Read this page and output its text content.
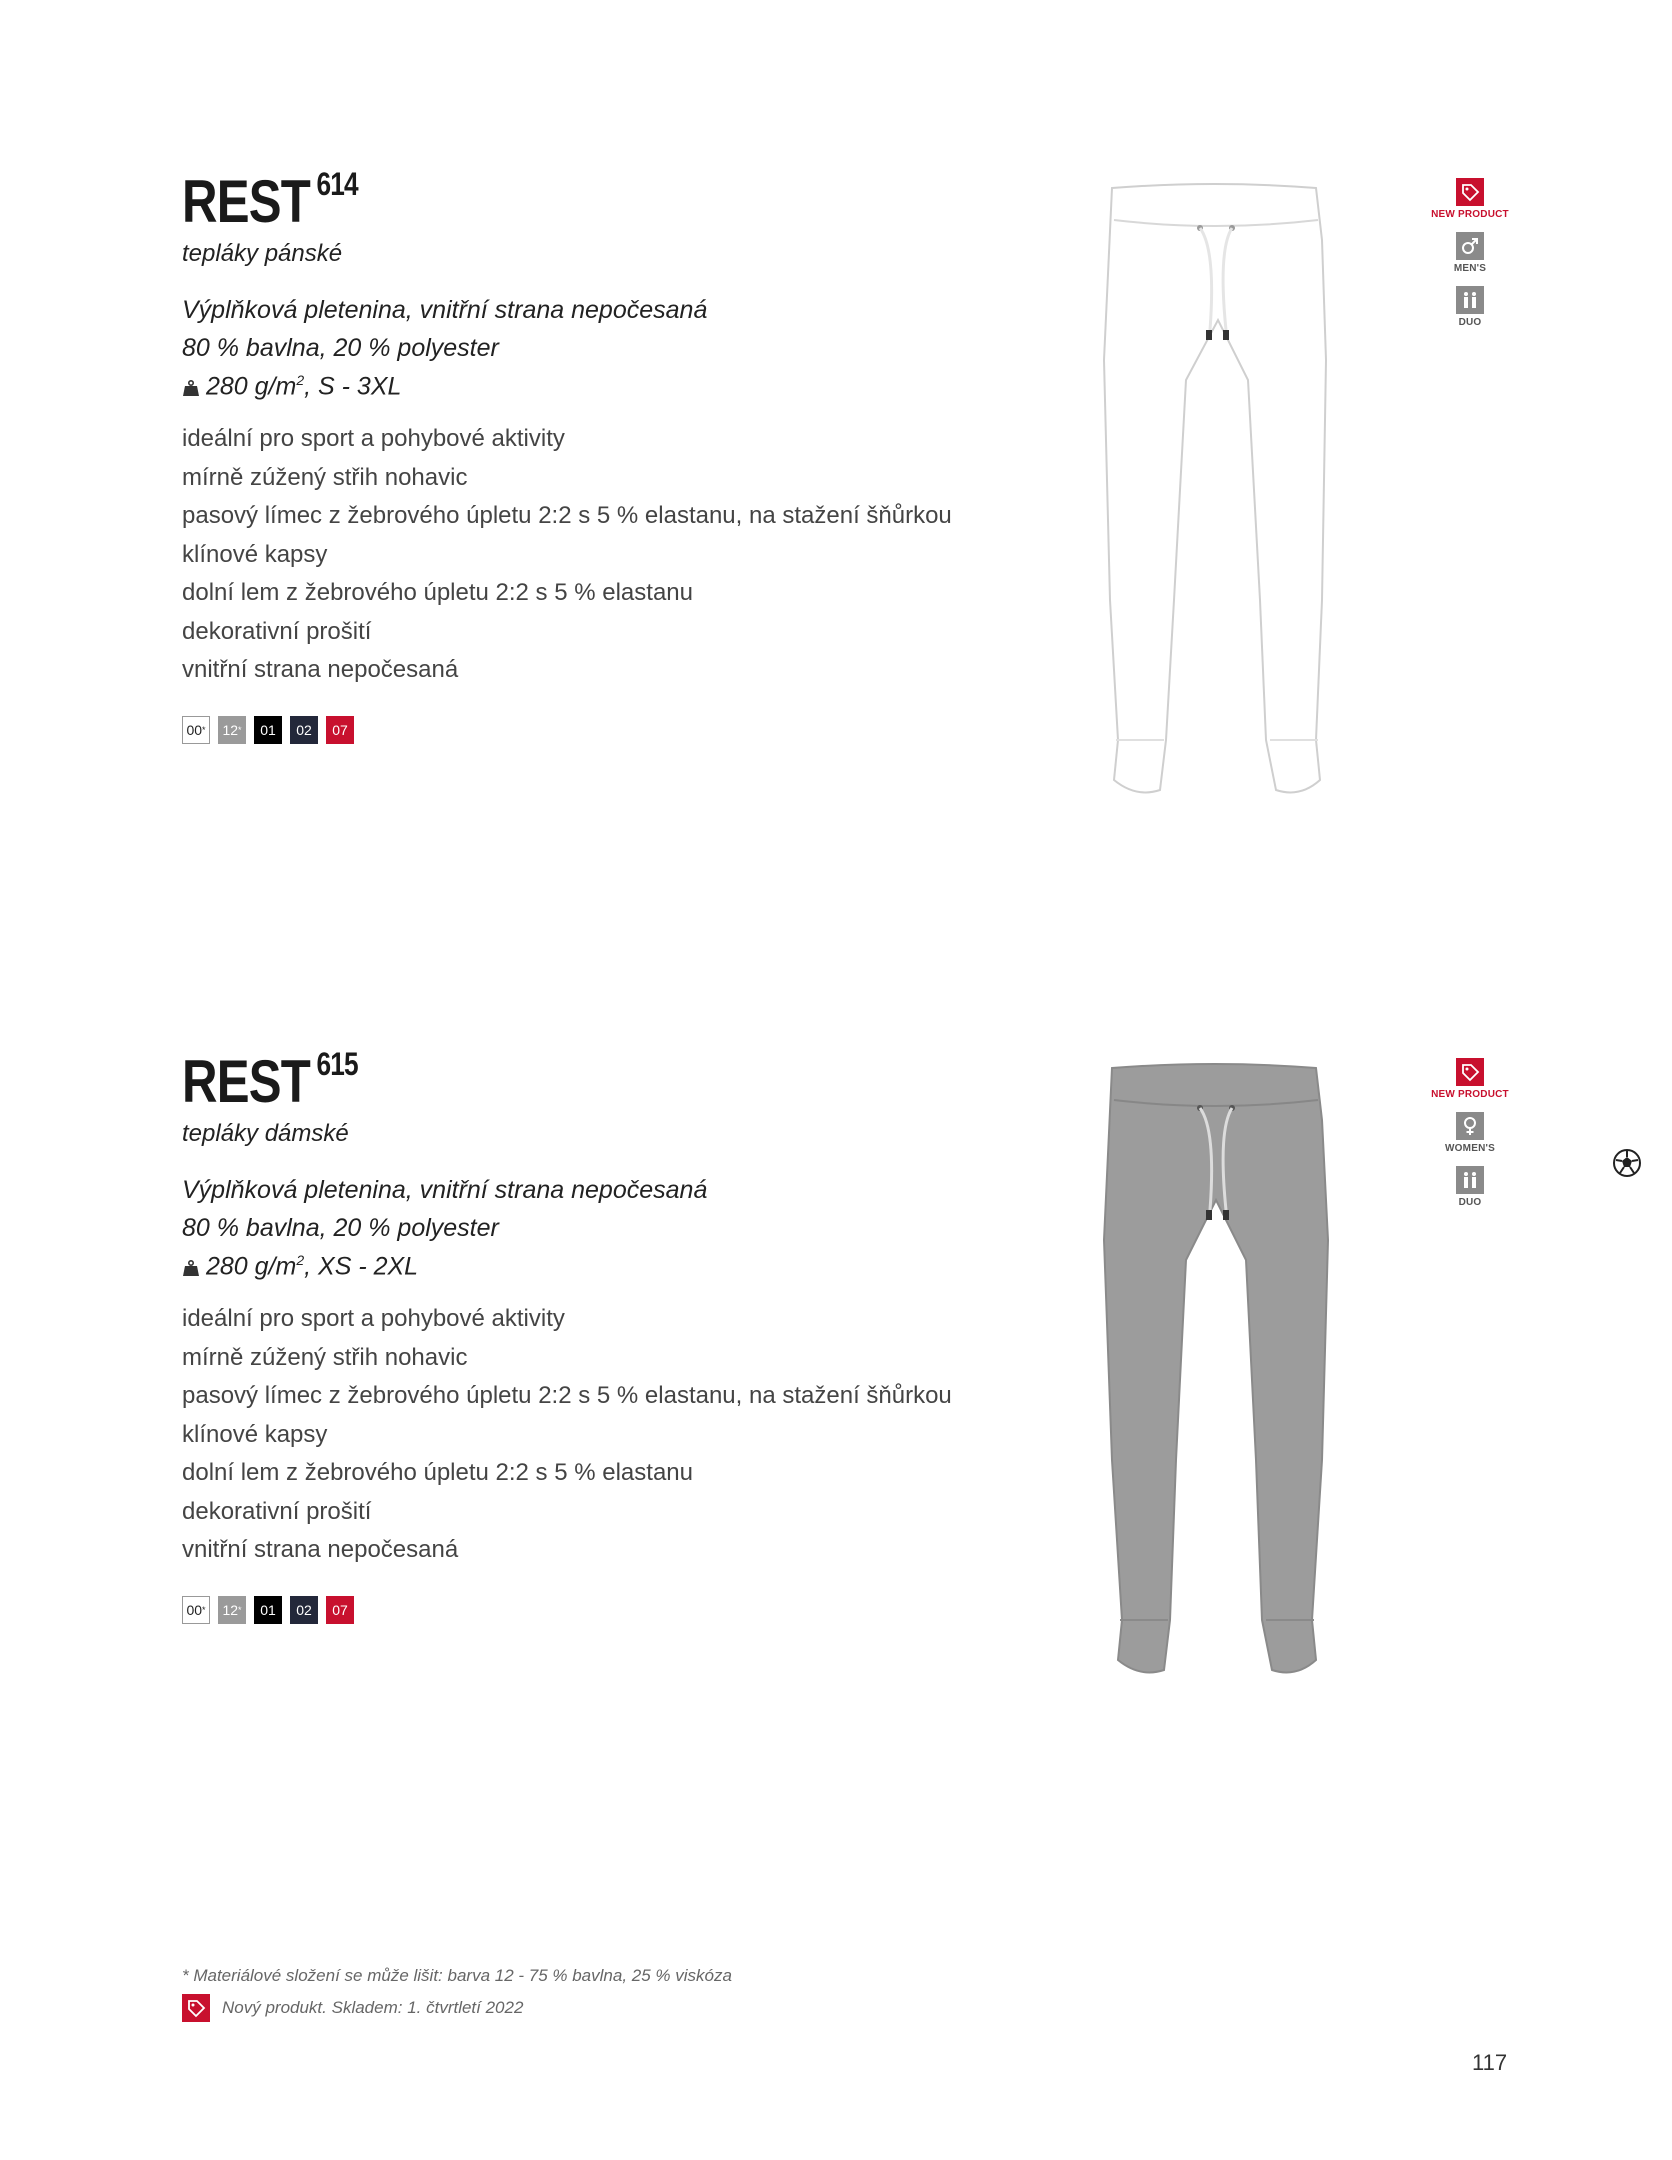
REST $^{614}$
tepláky pánské
Výplňková pletenina, vnitřní strana nepočesaná
80 % bavlna, 20 % polyester
280 $g/m^2$, S - 3XL
ideální pro sport a pohybové aktivity
mírně zúžený střih nohavic
pasový límec z žebrového úpletu 2:2 s 5 % elastanu, na stažení šňůrkou
klínové kapsy
dolní lem z žebrového úpletu 2:2 s 5 % elastanu
dekorativní prošití
vnitřní strana nepočesaná
00 * 12 * 01 02 07
NEW PRODUCT
MEN'S
DUO
REST $^{615}$
tepláky dámské
Výplňková pletenina, vnitřní strana nepočesaná
80 % bavlna, 20 % polyester
280 $g/m^2$, XS - 2XL
ideální pro sport a pohybové aktivity
mírně zúžený střih nohavic
pasový límec z žebrového úpletu 2:2 s 5 % elastanu, na stažení šňůrkou
klínové kapsy
dolní lem z žebrového úpletu 2:2 s 5 % elastanu
dekorativní prošití
vnitřní strana nepočesaná
00 * 12 * 01 02 07
NEW PRODUCT
WOMEN'S
DUO
* Materiálové složení se může lišit: barva 12 - 75 % bavlna, 25 % viskóza
Nový produkt. Skladem: 1. čtvrtletí 2022
117
